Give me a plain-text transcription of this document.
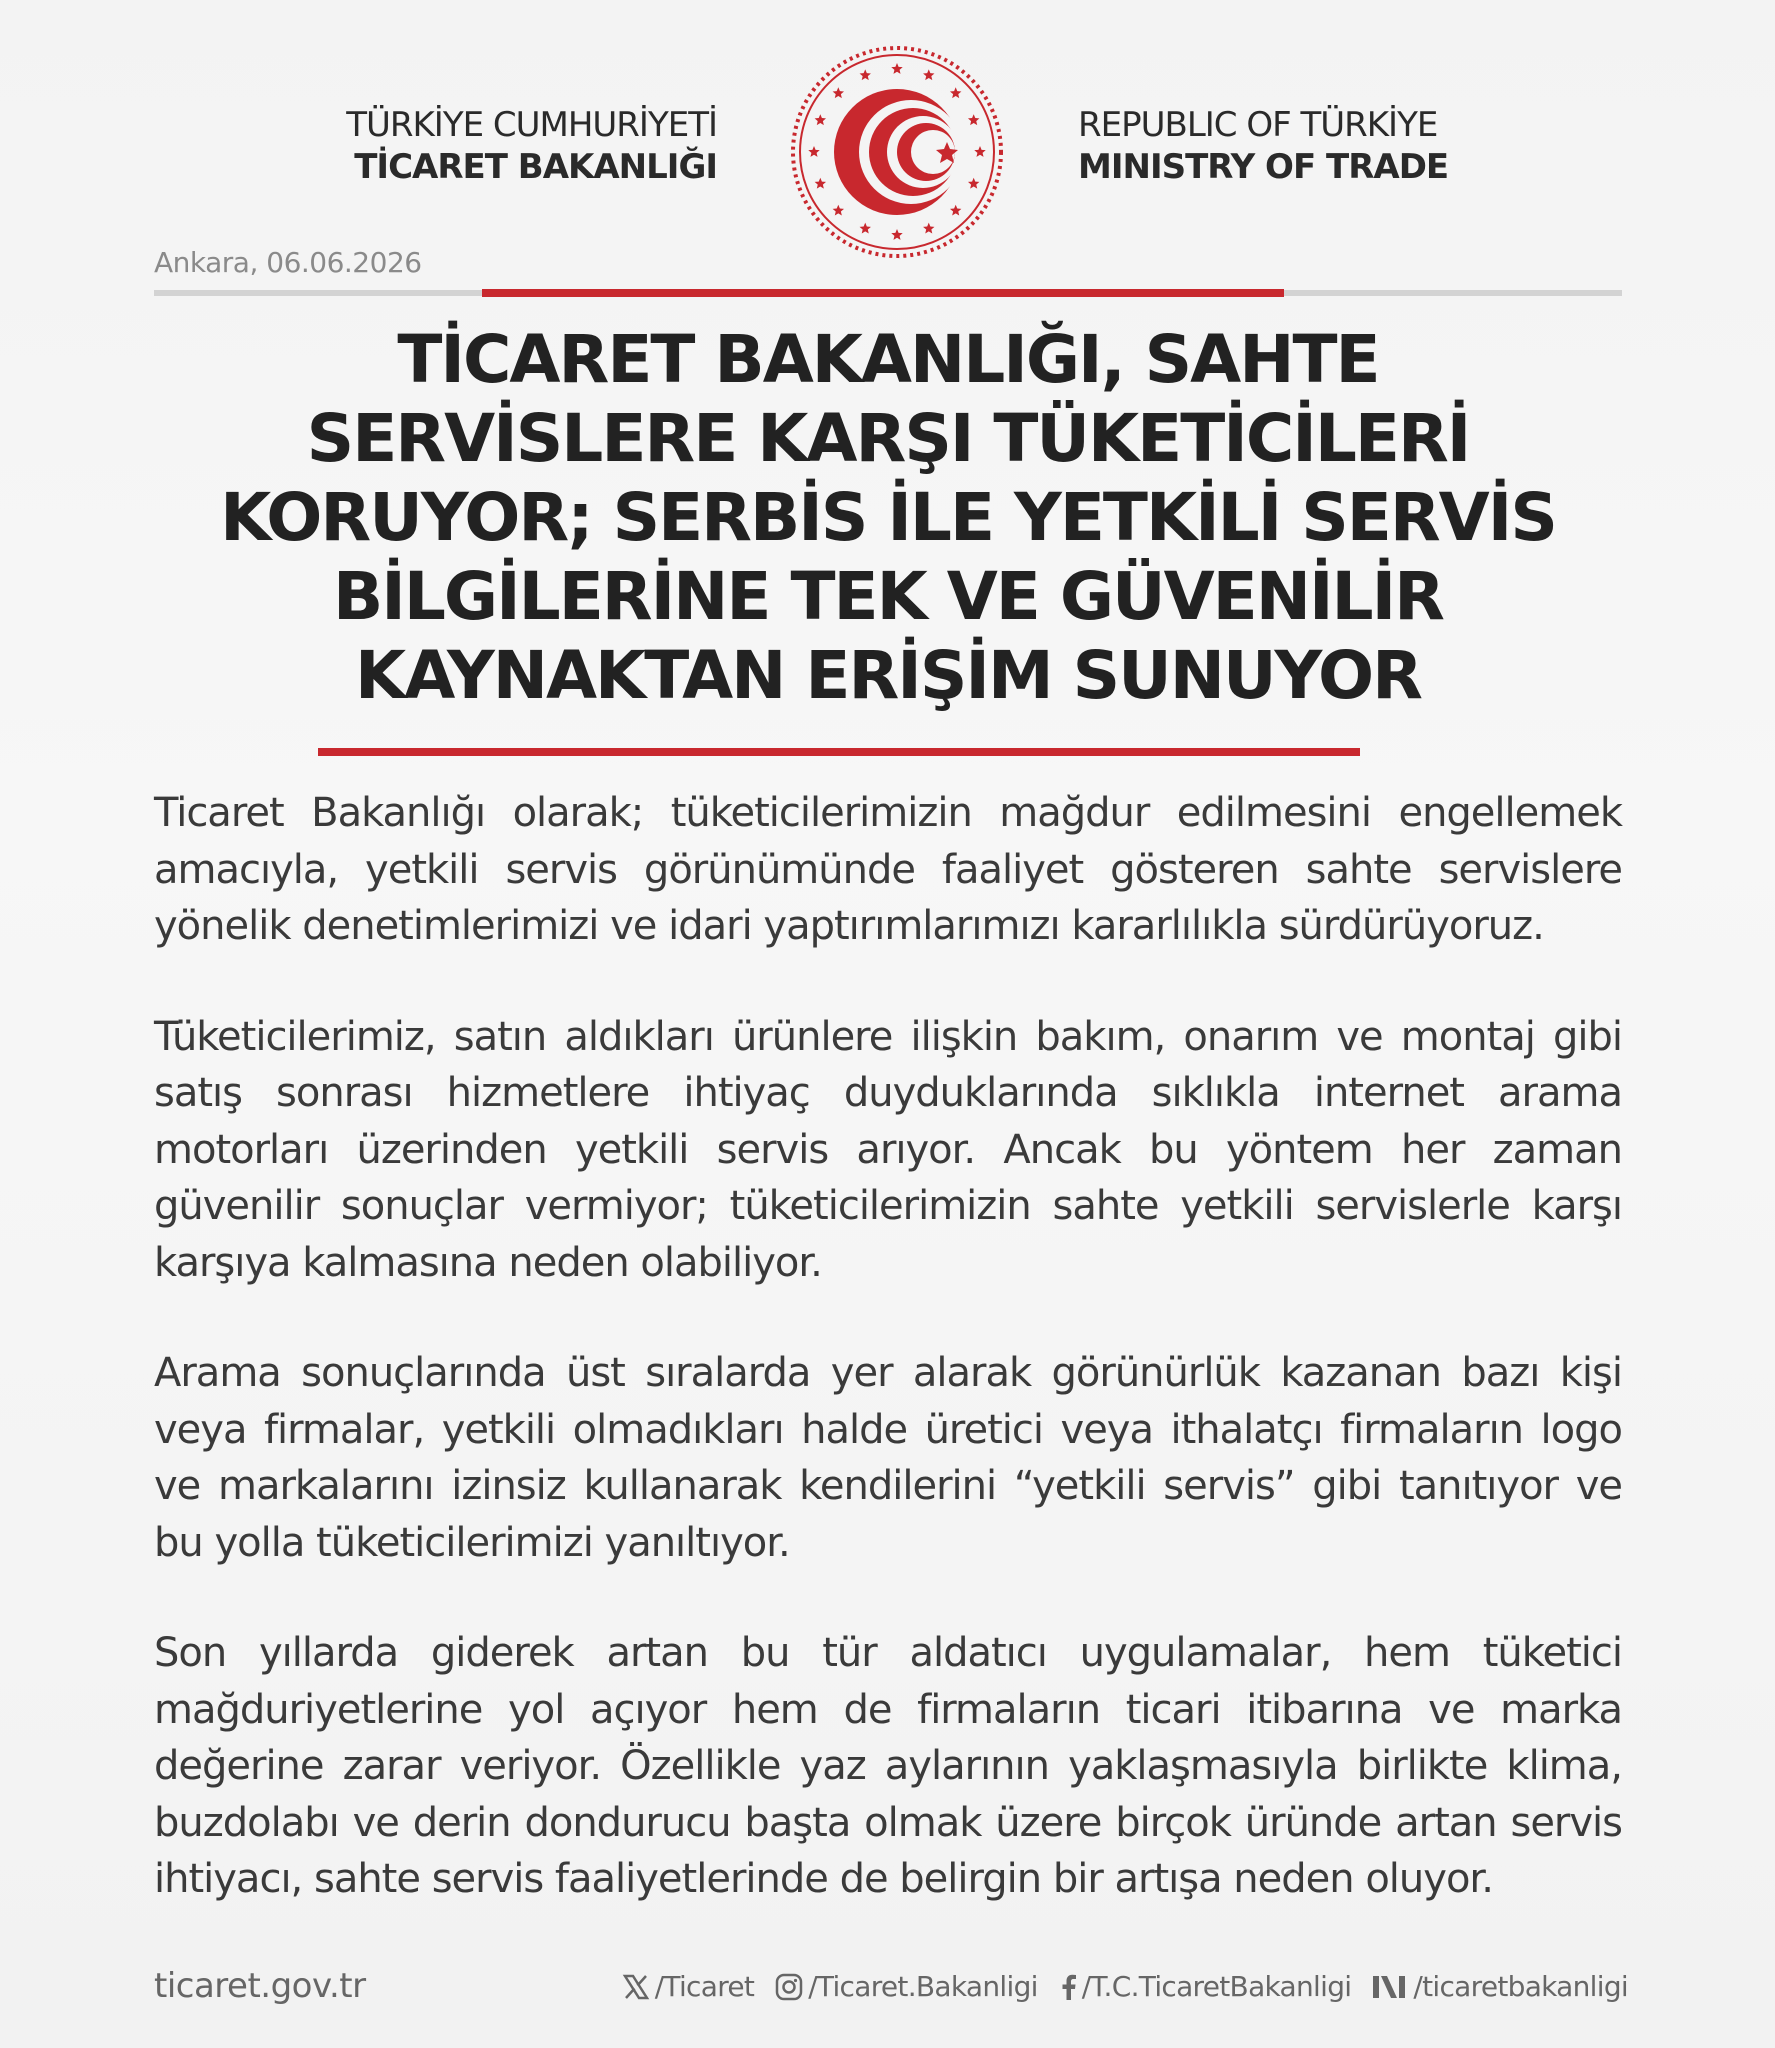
TÜRKİYE CUMHURİYETİ
TİCARET BAKANLIĞI
REPUBLIC OF TÜRKİYE
MINISTRY OF TRADE
Ankara, 06.06.2026
TİCARET BAKANLIĞI, SAHTE
SERVİSLERE KARŞI TÜKETİCİLERİ
KORUYOR; SERBİS İLE YETKİLİ SERVİS
BİLGİLERİNE TEK VE GÜVENİLİR
KAYNAKTAN ERİŞİM SUNUYOR

Ticaret Bakanlığı olarak; tüketicilerimizin mağdur edilmesini engellemek amacıyla, yetkili servis görünümünde faaliyet gösteren sahte servislere yönelik denetimlerimizi ve idari yaptırımlarımızı kararlılıkla sürdürüyoruz.

Tüketicilerimiz, satın aldıkları ürünlere ilişkin bakım, onarım ve montaj gibi satış sonrası hizmetlere ihtiyaç duyduklarında sıklıkla internet arama motorları üzerinden yetkili servis arıyor. Ancak bu yöntem her zaman güvenilir sonuçlar vermiyor; tüketicilerimizin sahte yetkili servislerle karşı karşıya kalmasına neden olabiliyor.

Arama sonuçlarında üst sıralarda yer alarak görünürlük kazanan bazı kişi veya firmalar, yetkili olmadıkları halde üretici veya ithalatçı firmaların logo ve markalarını izinsiz kullanarak kendilerini “yetkili servis” gibi tanıtıyor ve bu yolla tüketicilerimizi yanıltıyor.

Son yıllarda giderek artan bu tür aldatıcı uygulamalar, hem tüketici mağduriyetlerine yol açıyor hem de firmaların ticari itibarına ve marka değerine zarar veriyor. Özellikle yaz aylarının yaklaşmasıyla birlikte klima, buzdolabı ve derin dondurucu başta olmak üzere birçok üründe artan servis ihtiyacı, sahte servis faaliyetlerinde de belirgin bir artışa neden oluyor.

ticaret.gov.tr	/Ticaret /Ticaret.Bakanligi /T.C.TicaretBakanligi /ticaretbakanligi
